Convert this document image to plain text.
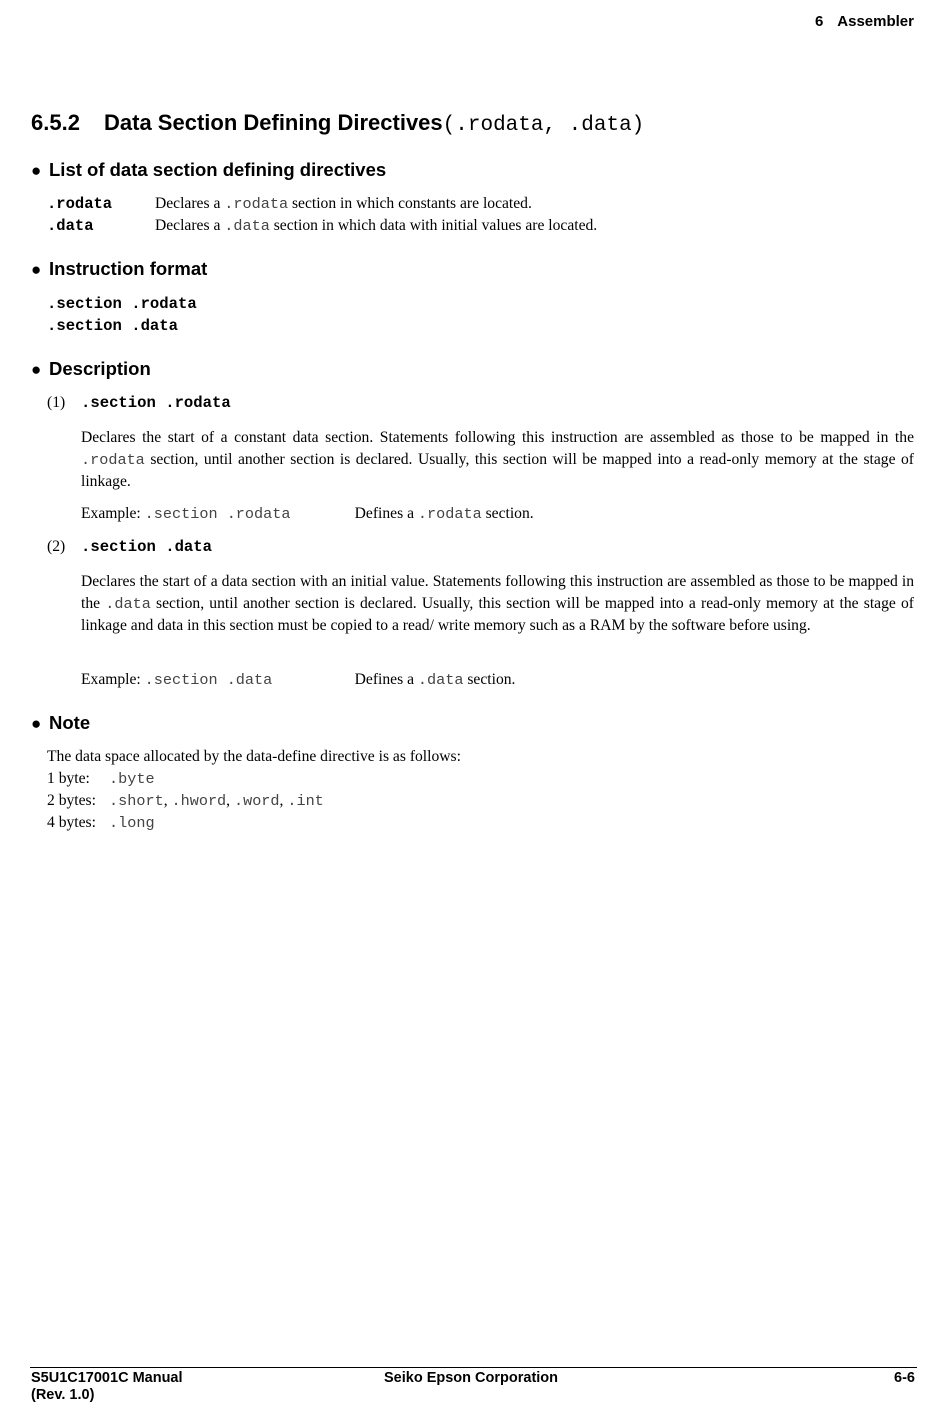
6 Assembler
6.5.2 Data Section Defining Directives(.rodata, .data)
● List of data section defining directives
.rodata	Declares a .rodata section in which constants are located.
.data	Declares a .data section in which data with initial values are located.
● Instruction format
.section .rodata
.section .data
● Description
(1) .section .rodata
Declares the start of a constant data section. Statements following this instruction are assembled as those to be mapped in the .rodata section, until another section is declared. Usually, this section will be mapped into a read-only memory at the stage of linkage.
Example: .section .rodata	Defines a .rodata section.
(2) .section .data
Declares the start of a data section with an initial value. Statements following this instruction are assembled as those to be mapped in the .data section, until another section is declared. Usually, this section will be mapped into a read-only memory at the stage of linkage and data in this section must be copied to a read/ write memory such as a RAM by the software before using.
Example: .section .data	Defines a .data section.
● Note
The data space allocated by the data-define directive is as follows:
1 byte: .byte
2 bytes: .short, .hword, .word, .int
4 bytes: .long
S5U1C17001C Manual
(Rev. 1.0)
Seiko Epson Corporation	6-6
